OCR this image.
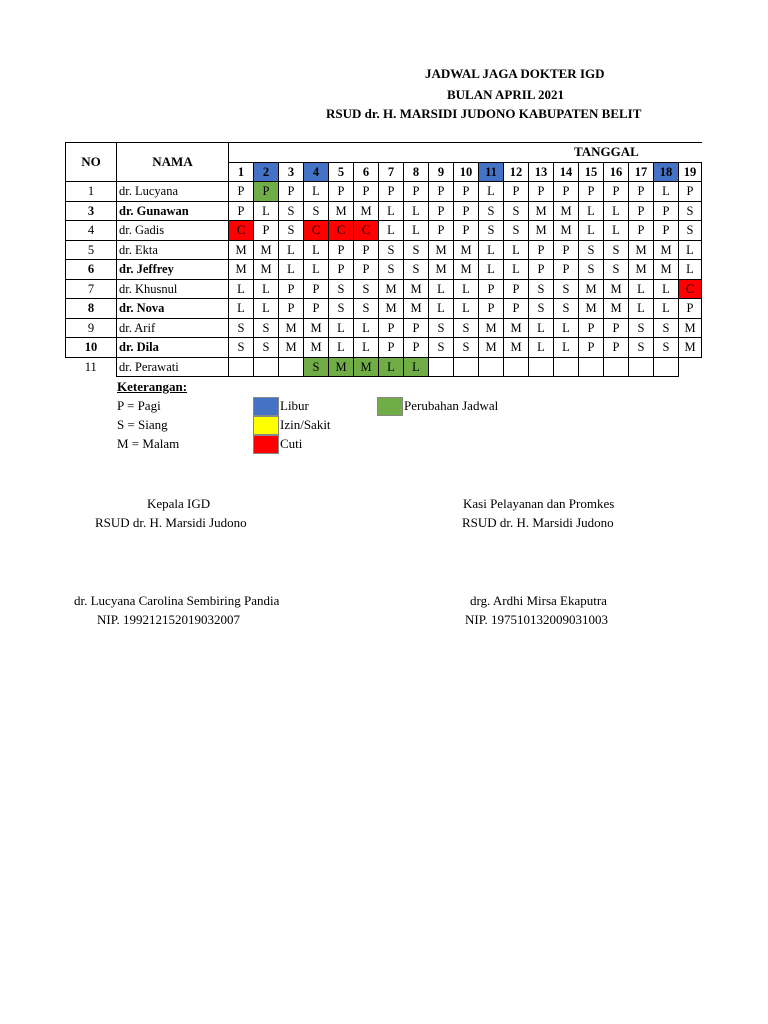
JADWAL JAGA DOKTER IGD
BULAN APRIL 2021
RSUD dr. H. MARSIDI JUDONO KABUPATEN BELIT
NO	NAMA																			
		1	2	3	4	5	6	7	8	9	10	11	12	13	14	15	16	17	18	19
1	dr. Lucyana	P	P	P	L	P	P	P	P	P	P	L	P	P	P	P	P	P	L	P
3	dr. Gunawan	P	L	S	S	M	M	L	L	P	P	S	S	M	M	L	L	P	P	S
4	dr. Gadis	C	P	S	C	C	C	L	L	P	P	S	S	M	M	L	L	P	P	S
5	dr. Ekta	M	M	L	L	P	P	S	S	M	M	L	L	P	P	S	S	M	M	L
6	dr. Jeffrey	M	M	L	L	P	P	S	S	M	M	L	L	P	P	S	S	M	M	L
7	dr. Khusnul	L	L	P	P	S	S	M	M	L	L	P	P	S	S	M	M	L	L	C
8	dr. Nova	L	L	P	P	S	S	M	M	L	L	P	P	S	S	M	M	L	L	P
9	dr. Arif	S	S	M	M	L	L	P	P	S	S	M	M	L	L	P	P	S	S	M
10	dr. Dila	S	S	M	M	L	L	P	P	S	S	M	M	L	L	P	P	S	S	M
11	dr. Perawati				S	M	M	L	L											
TANGGAL
Keterangan:
P = Pagi
S = Siang
M = Malam
Libur
Izin/Sakit
Cuti
Perubahan Jadwal
Kepala IGD
RSUD dr. H. Marsidi Judono
dr. Lucyana Carolina Sembiring Pandia
NIP. 199212152019032007
Kasi Pelayanan dan Promkes
RSUD dr. H. Marsidi Judono
drg. Ardhi Mirsa Ekaputra
NIP. 197510132009031003
